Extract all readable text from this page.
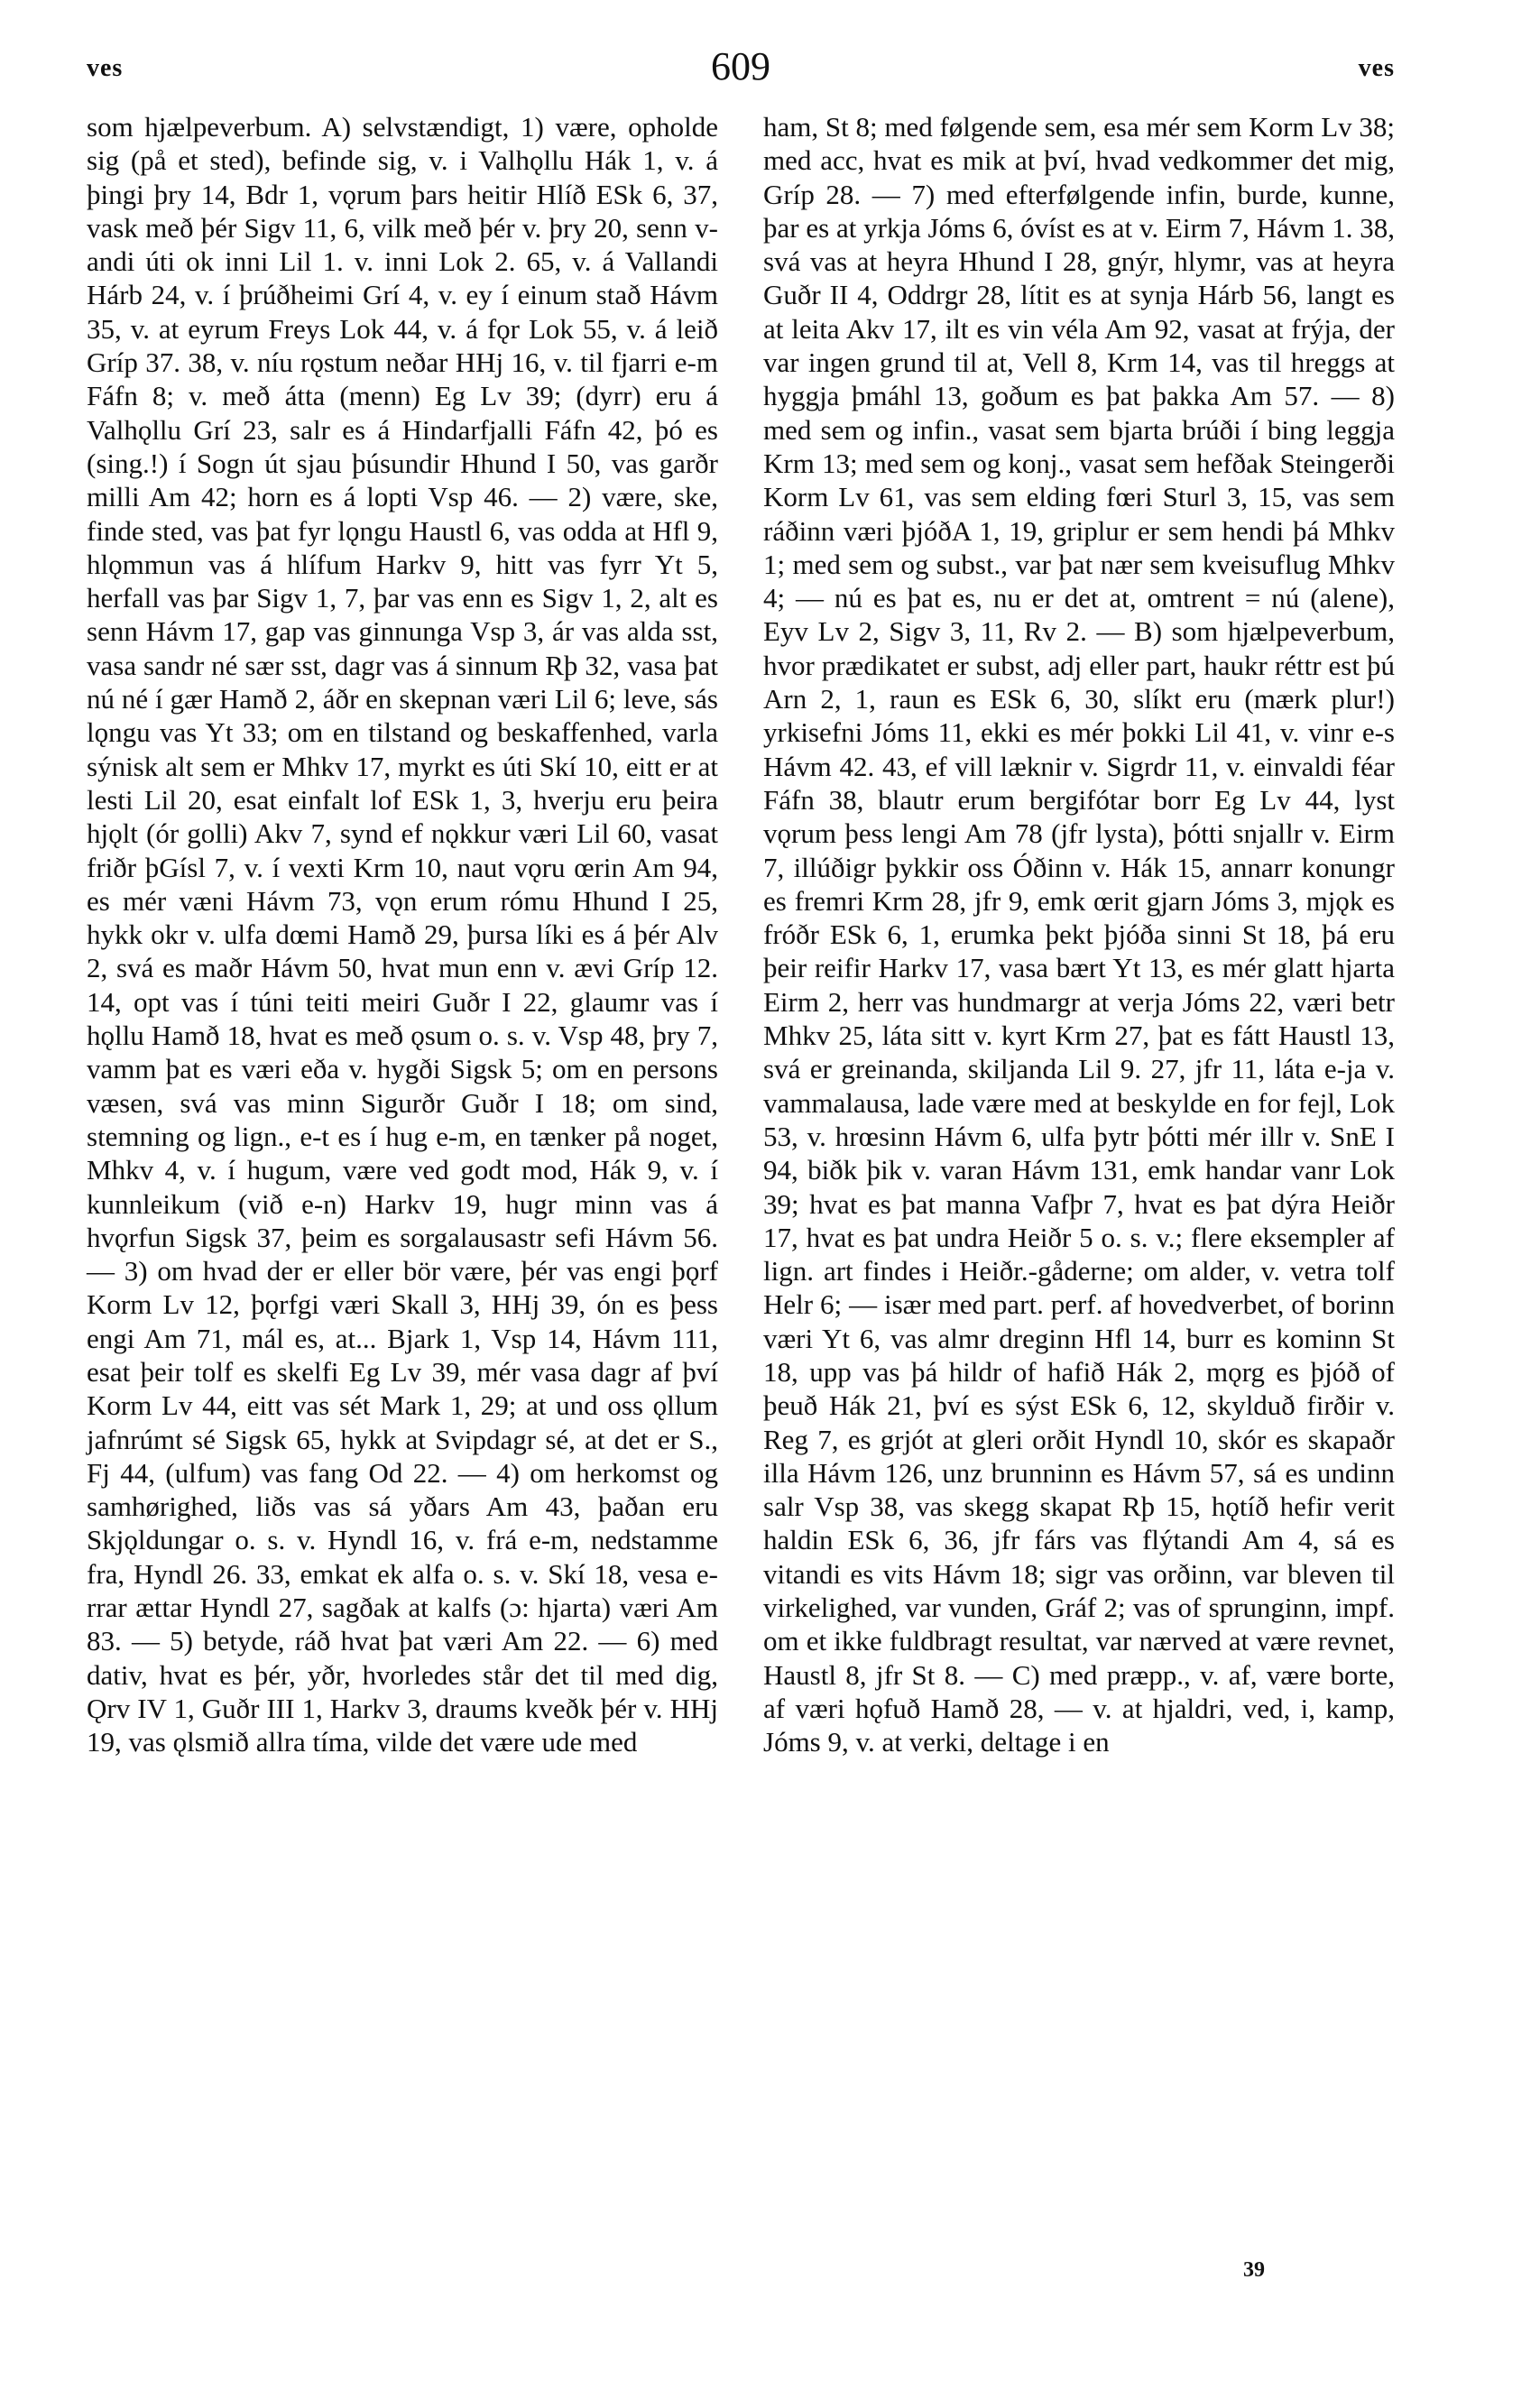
ves	609	ves

som hjælpeverbum. A) selvstændigt, 1) være, opholde sig (på et sted), befinde sig, v. i Valhǫllu Hák 1, v. á þingi þry 14, Bdr 1, vǫrum þars heitir Hlíð ESk 6, 37, vask með þér Sigv 11, 6, vilk með þér v. þry 20, senn v-andi úti ok inni Lil 1. v. inni Lok 2. 65, v. á Vallandi Hárb 24, v. í þrúðheimi Grí 4, v. ey í einum stað Hávm 35, v. at eyrum Freys Lok 44, v. á fǫr Lok 55, v. á leið Gríp 37. 38, v. níu rǫstum neðar HHj 16, v. til fjarri e-m Fáfn 8; v. með átta (menn) Eg Lv 39; (dyrr) eru á Valhǫllu Grí 23, salr es á Hindarfjalli Fáfn 42, þó es (sing.!) í Sogn út sjau þúsundir Hhund I 50, vas garðr milli Am 42; horn es á lopti Vsp 46. — 2) være, ske, finde sted, vas þat fyr lǫngu Haustl 6, vas odda at Hfl 9, hlǫmmun vas á hlífum Harkv 9, hitt vas fyrr Yt 5, herfall vas þar Sigv 1, 7, þar vas enn es Sigv 1, 2, alt es senn Hávm 17, gap vas ginnunga Vsp 3, ár vas alda sst, vasa sandr né sær sst, dagr vas á sinnum Rþ 32, vasa þat nú né í gær Hamð 2, áðr en skepnan væri Lil 6; leve, sás lǫngu vas Yt 33; om en tilstand og beskaffenhed, varla sýnisk alt sem er Mhkv 17, myrkt es úti Skí 10, eitt er at lesti Lil 20, esat einfalt lof ESk 1, 3, hverju eru þeira hjǫlt (ór golli) Akv 7, synd ef nǫkkur væri Lil 60, vasat friðr þGísl 7, v. í vexti Krm 10, naut vǫru œrin Am 94, es mér væni Hávm 73, vǫn erum rómu Hhund I 25, hykk okr v. ulfa dœmi Hamð 29, þursa líki es á þér Alv 2, svá es maðr Hávm 50, hvat mun enn v. ævi Gríp 12. 14, opt vas í túni teiti meiri Guðr I 22, glaumr vas í hǫllu Hamð 18, hvat es með ǫsum o. s. v. Vsp 48, þry 7, vamm þat es væri eða v. hygði Sigsk 5; om en persons væsen, svá vas minn Sigurðr Guðr I 18; om sind, stemning og lign., e-t es í hug e-m, en tænker på noget, Mhkv 4, v. í hugum, være ved godt mod, Hák 9, v. í kunnleikum (við e-n) Harkv 19, hugr minn vas á hvǫrfun Sigsk 37, þeim es sorgalausastr sefi Hávm 56. — 3) om hvad der er eller bör være, þér vas engi þǫrf Korm Lv 12, þǫrfgi væri Skall 3, HHj 39, ón es þess engi Am 71, mál es, at... Bjark 1, Vsp 14, Hávm 111, esat þeir tolf es skelfi Eg Lv 39, mér vasa dagr af því Korm Lv 44, eitt vas sét Mark 1, 29; at und oss ǫllum jafnrúmt sé Sigsk 65, hykk at Svipdagr sé, at det er S., Fj 44, (ulfum) vas fang Od 22. — 4) om herkomst og samhørighed, liðs vas sá yðars Am 43, þaðan eru Skjǫldungar o. s. v. Hyndl 16, v. frá e-m, nedstamme fra, Hyndl 26. 33, emkat ek alfa o. s. v. Skí 18, vesa e-rrar ættar Hyndl 27, sagðak at kalfs (ɔ: hjarta) væri Am 83. — 5) betyde, ráð hvat þat væri Am 22. — 6) med dativ, hvat es þér, yðr, hvorledes står det til med dig, Ǫrv IV 1, Guðr III 1, Harkv 3, draums kveðk þér v. HHj 19, vas ǫlsmið allra tíma, vilde det være ude med

ham, St 8; med følgende sem, esa mér sem Korm Lv 38; med acc, hvat es mik at því, hvad vedkommer det mig, Gríp 28. — 7) med efterfølgende infin, burde, kunne, þar es at yrkja Jóms 6, óvíst es at v. Eirm 7, Hávm 1. 38, svá vas at heyra Hhund I 28, gnýr, hlymr, vas at heyra Guðr II 4, Oddrgr 28, lítit es at synja Hárb 56, langt es at leita Akv 17, ilt es vin véla Am 92, vasat at frýja, der var ingen grund til at, Vell 8, Krm 14, vas til hreggs at hyggja þmáhl 13, goðum es þat þakka Am 57. — 8) med sem og infin., vasat sem bjarta brúði í bing leggja Krm 13; med sem og konj., vasat sem hefðak Steingerði Korm Lv 61, vas sem elding fœri Sturl 3, 15, vas sem ráðinn væri þjóðA 1, 19, griplur er sem hendi þá Mhkv 1; med sem og subst., var þat nær sem kveisuflug Mhkv 4; — nú es þat es, nu er det at, omtrent = nú (alene), Eyv Lv 2, Sigv 3, 11, Rv 2. — B) som hjælpeverbum, hvor prædikatet er subst, adj eller part, haukr réttr est þú Arn 2, 1, raun es ESk 6, 30, slíkt eru (mærk plur!) yrkisefni Jóms 11, ekki es mér þokki Lil 41, v. vinr e-s Hávm 42. 43, ef vill læknir v. Sigrdr 11, v. einvaldi féar Fáfn 38, blautr erum bergifótar borr Eg Lv 44, lyst vǫrum þess lengi Am 78 (jfr lysta), þótti snjallr v. Eirm 7, illúðigr þykkir oss Óðinn v. Hák 15, annarr konungr es fremri Krm 28, jfr 9, emk œrit gjarn Jóms 3, mjǫk es fróðr ESk 6, 1, erumka þekt þjóða sinni St 18, þá eru þeir reifir Harkv 17, vasa bært Yt 13, es mér glatt hjarta Eirm 2, herr vas hundmargr at verja Jóms 22, væri betr Mhkv 25, láta sitt v. kyrt Krm 27, þat es fátt Haustl 13, svá er greinanda, skiljanda Lil 9. 27, jfr 11, láta e-ja v. vammalausa, lade være med at beskylde en for fejl, Lok 53, v. hrœsinn Hávm 6, ulfa þytr þótti mér illr v. SnE I 94, biðk þik v. varan Hávm 131, emk handar vanr Lok 39; hvat es þat manna Vafþr 7, hvat es þat dýra Heiðr 17, hvat es þat undra Heiðr 5 o. s. v.; flere eksempler af lign. art findes i Heiðr.-gåderne; om alder, v. vetra tolf Helr 6; — især med part. perf. af hovedverbet, of borinn væri Yt 6, vas almr dreginn Hfl 14, burr es kominn St 18, upp vas þá hildr of hafið Hák 2, mǫrg es þjóð of þeuð Hák 21, því es sýst ESk 6, 12, skylduð firðir v. Reg 7, es grjót at gleri orðit Hyndl 10, skór es skapaðr illa Hávm 126, unz brunninn es Hávm 57, sá es undinn salr Vsp 38, vas skegg skapat Rþ 15, hǫtíð hefir verit haldin ESk 6, 36, jfr fárs vas flýtandi Am 4, sá es vitandi es vits Hávm 18; sigr vas orðinn, var bleven til virkelighed, var vunden, Gráf 2; vas of sprunginn, impf. om et ikke fuldbragt resultat, var nærved at være revnet, Haustl 8, jfr St 8. — C) med præpp., v. af, være borte, af væri hǫfuð Hamð 28, — v. at hjaldri, ved, i, kamp, Jóms 9, v. at verki, deltage i en

39
